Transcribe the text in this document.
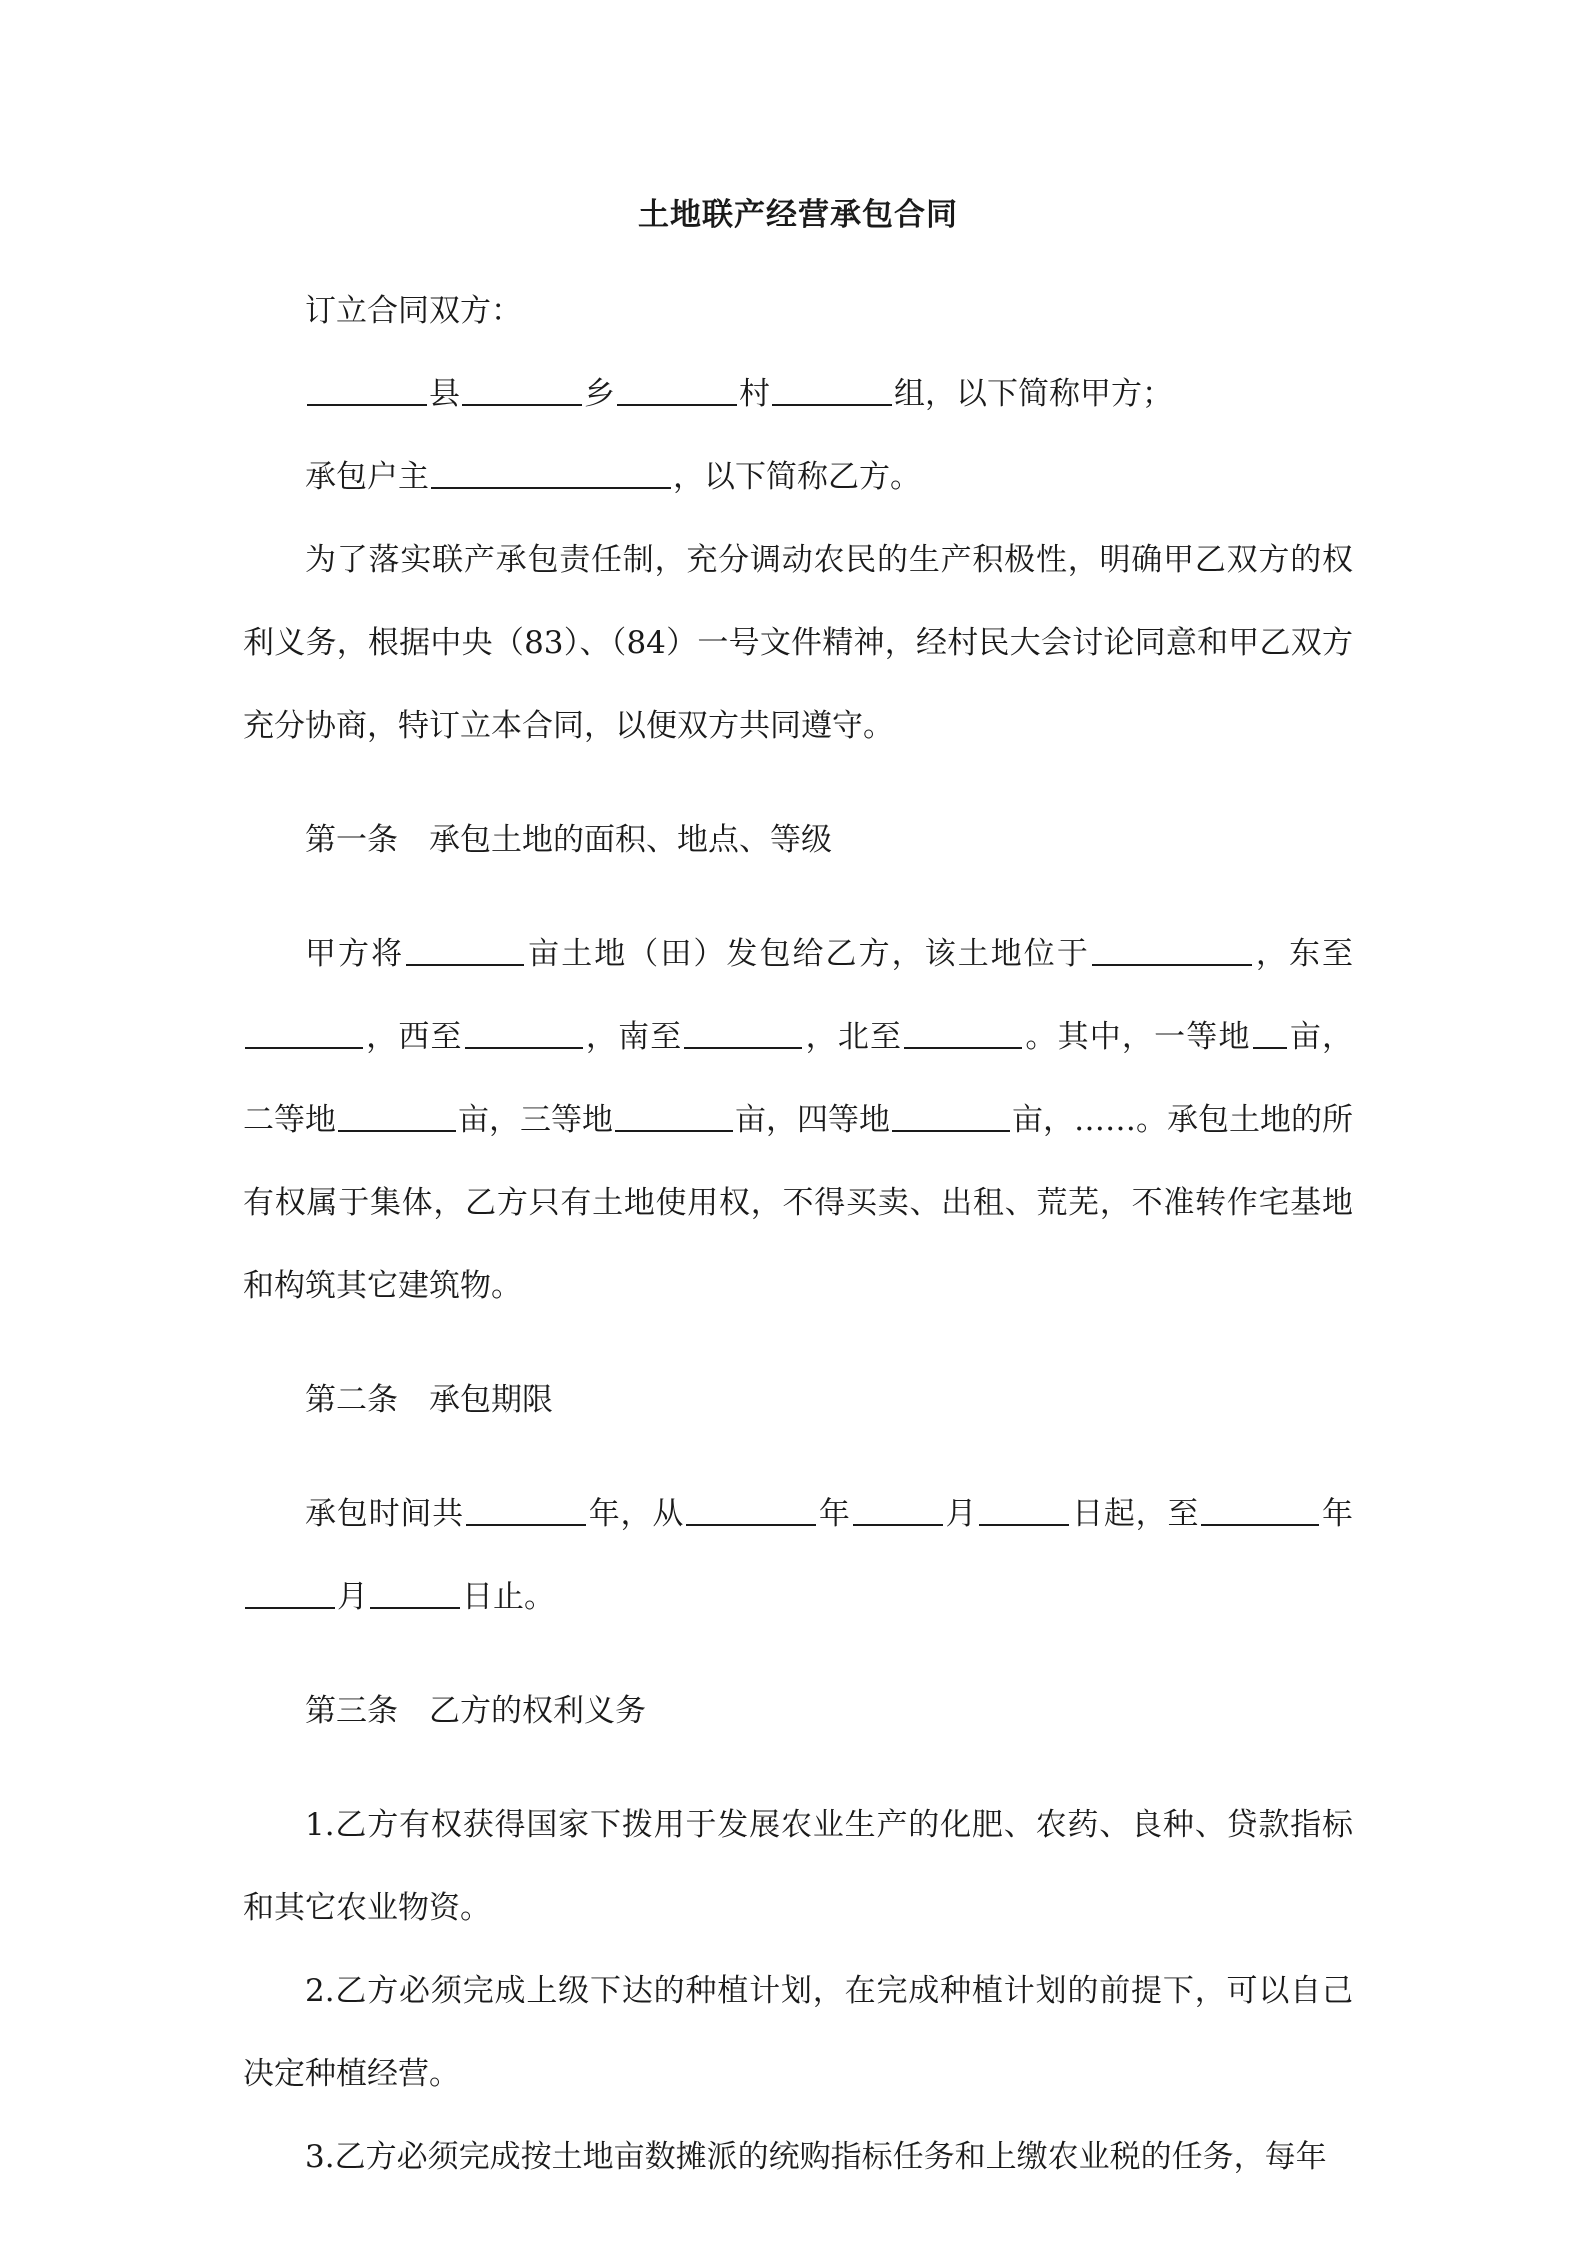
土地联产经营承包合同

订立合同双方：

县	乡	村	组，以下简称甲方；

承包户主	，以下简称乙方。

为了落实联产承包责任制，充分调动农民的生产积极性，明确甲乙双方的权利义务，根据中央（83）、（84）一号文件精神，经村民大会讨论同意和甲乙双方充分协商，特订立本合同，以便双方共同遵守。

第一条 承包土地的面积、地点、等级

甲方将	亩土地（田）发包给乙方，该土地位于	，东至，西至	，南至	，北至	。其中，一等地 亩，二等地	亩，三等地	亩，四等地	亩，……。承包土地的所有权属于集体，乙方只有土地使用权，不得买卖、出租、荒芜，不准转作宅基地和构筑其它建筑物。

第二条 承包期限

承包时间共	年，从	年	月	日起，至	年月	日止。

第三条 乙方的权利义务

1.乙方有权获得国家下拨用于发展农业生产的化肥、农药、良种、贷款指标和其它农业物资。

2.乙方必须完成上级下达的种植计划，在完成种植计划的前提下，可以自己决定种植经营。

3.乙方必须完成按土地亩数摊派的统购指标任务和上缴农业税的任务，每年
